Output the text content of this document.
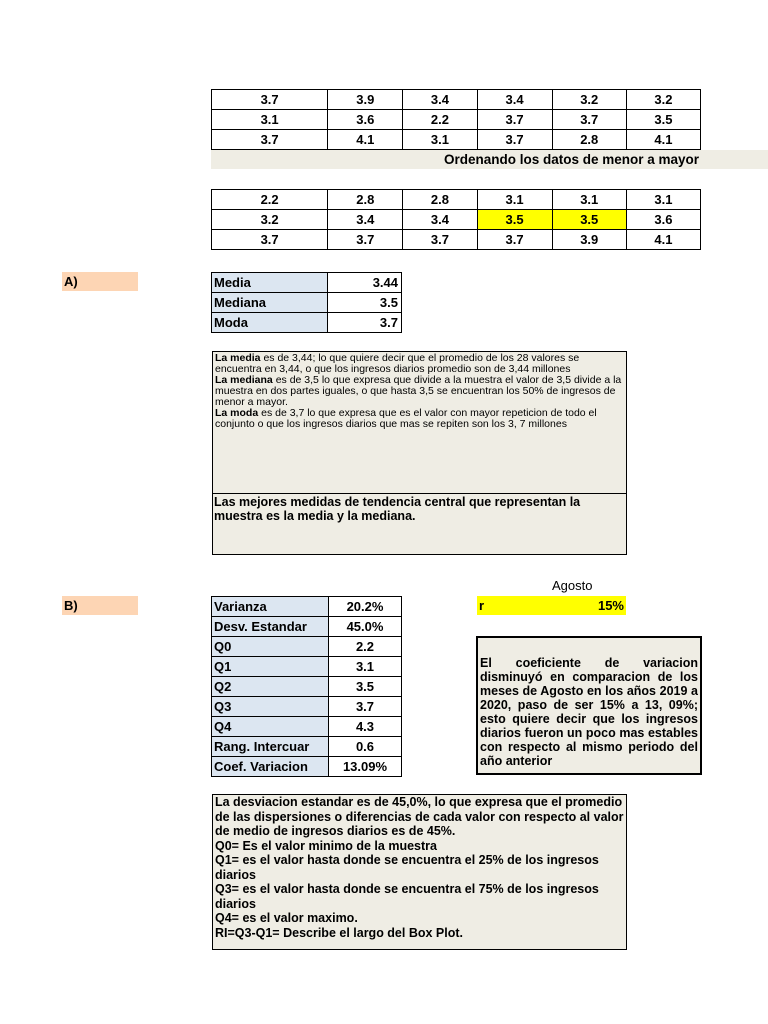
3.7	3.9	3.4	3.4	3.2	3.2
3.1	3.6	2.2	3.7	3.7	3.5
3.7	4.1	3.1	3.7	2.8	4.1
Ordenando los datos de menor a mayor
2.2	2.8	2.8	3.1	3.1	3.1
3.2	3.4	3.4	3.5	3.5	3.6
3.7	3.7	3.7	3.7	3.9	4.1
A)	Media	3.44
Mediana	3.5
Moda	3.7

La media es de 3,44; lo que quiere decir que el promedio de los 28 valores se encuentra en 3,44, o que los ingresos diarios promedio son de 3,44 millones

La mediana es de 3,5 lo que expresa que divide a la muestra el valor de 3,5 divide a la muestra en dos partes iguales, o que hasta 3,5 se encuentran los 50% de ingresos de menor a mayor.

La moda es de 3,7 lo que expresa que es el valor con mayor repeticion de todo el conjunto o que los ingresos diarios que mas se repiten son los 3, 7 millones

Las mejores medidas de tendencia central que representan la muestra es la media y la mediana.

B)	Varianza	20.2%
Desv. Estandar	45.0%
Q0	2.2
Q1	3.1
Q2	3.5
Q3	3.7
Q4	4.3
Rang. Intercuar	0.6
Coef. Variacion	13.09%
Agosto
r	15%

El coeficiente de variacion disminuyó en comparacion de los meses de Agosto en los años 2019 a 2020, paso de ser 15% a 13, 09%; esto quiere decir que los ingresos diarios fueron un poco mas estables con respecto al mismo periodo del año anterior

La desviacion estandar es de 45,0%, lo que expresa que el promedio de las dispersiones o diferencias de cada valor con respecto al valor de medio de ingresos diarios es de 45%.

Q0= Es el valor minimo de la muestra

Q1= es el valor hasta donde se encuentra el 25% de los ingresos diarios

Q3= es el valor hasta donde se encuentra el 75% de los ingresos diarios

Q4= es el valor maximo.

RI=Q3-Q1= Describe el largo del Box Plot.
